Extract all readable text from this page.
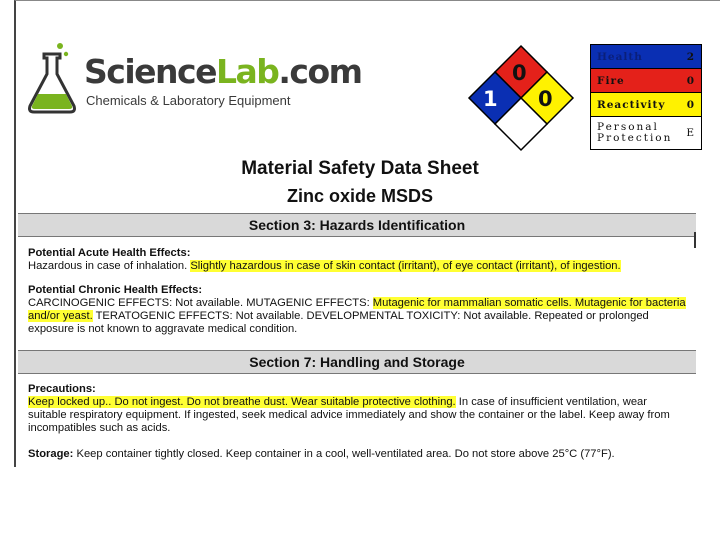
ScienceLab.com
Chemicals & Laboratory Equipment
0
1 0
Health	2
Fire	0
Reactivity 0
Personal Protection	E
Material Safety Data Sheet
Zinc oxide MSDS
Section 3: Hazards Identification
Potential Acute Health Effects:
Hazardous in case of inhalation. Slightly hazardous in case of skin contact (irritant), of eye contact (irritant), of ingestion.
Potential Chronic Health Effects:
CARCINOGENIC EFFECTS: Not available. MUTAGENIC EFFECTS: Mutagenic for mammalian somatic cells. Mutagenic for bacteria and/or yeast. TERATOGENIC EFFECTS: Not available. DEVELOPMENTAL TOXICITY: Not available. Repeated or prolonged exposure is not known to aggravate medical condition.
Section 7: Handling and Storage
Precautions:
Keep locked up.. Do not ingest. Do not breathe dust. Wear suitable protective clothing. In case of insufficient ventilation, wear suitable respiratory equipment. If ingested, seek medical advice immediately and show the container or the label. Keep away from incompatibles such as acids.
Storage: Keep container tightly closed. Keep container in a cool, well-ventilated area. Do not store above 25°C (77°F).
